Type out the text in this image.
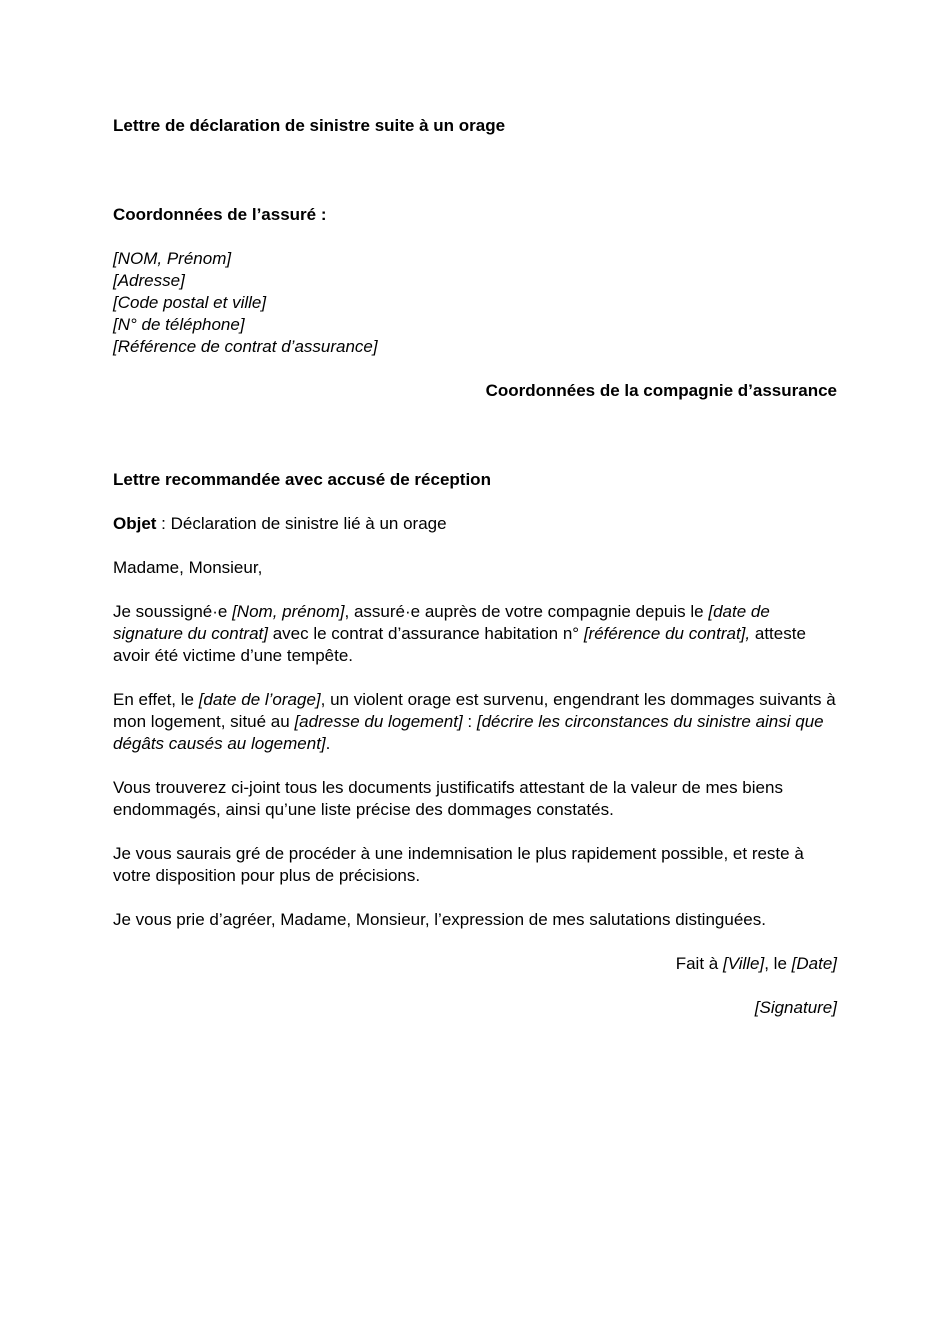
Lettre de déclaration de sinistre suite à un orage

Coordonnées de l’assuré :

[NOM, Prénom]

[Adresse]

[Code postal et ville]

[N° de téléphone]

[Référence de contrat d’assurance]

Coordonnées de la compagnie d’assurance

Lettre recommandée avec accusé de réception

Objet : Déclaration de sinistre lié à un orage

Madame, Monsieur,

Je soussigné·e [Nom, prénom], assuré·e auprès de votre compagnie depuis le [date de signature du contrat] avec le contrat d’assurance habitation n° [référence du contrat], atteste avoir été victime d’une tempête.

En effet, le [date de l’orage], un violent orage est survenu, engendrant les dommages suivants à mon logement, situé au [adresse du logement] : [décrire les circonstances du sinistre ainsi que dégâts causés au logement].

Vous trouverez ci-joint tous les documents justificatifs attestant de la valeur de mes biens endommagés, ainsi qu’une liste précise des dommages constatés.

Je vous saurais gré de procéder à une indemnisation le plus rapidement possible, et reste à votre disposition pour plus de précisions.

Je vous prie d’agréer, Madame, Monsieur, l’expression de mes salutations distinguées.

Fait à [Ville], le [Date]

[Signature]
